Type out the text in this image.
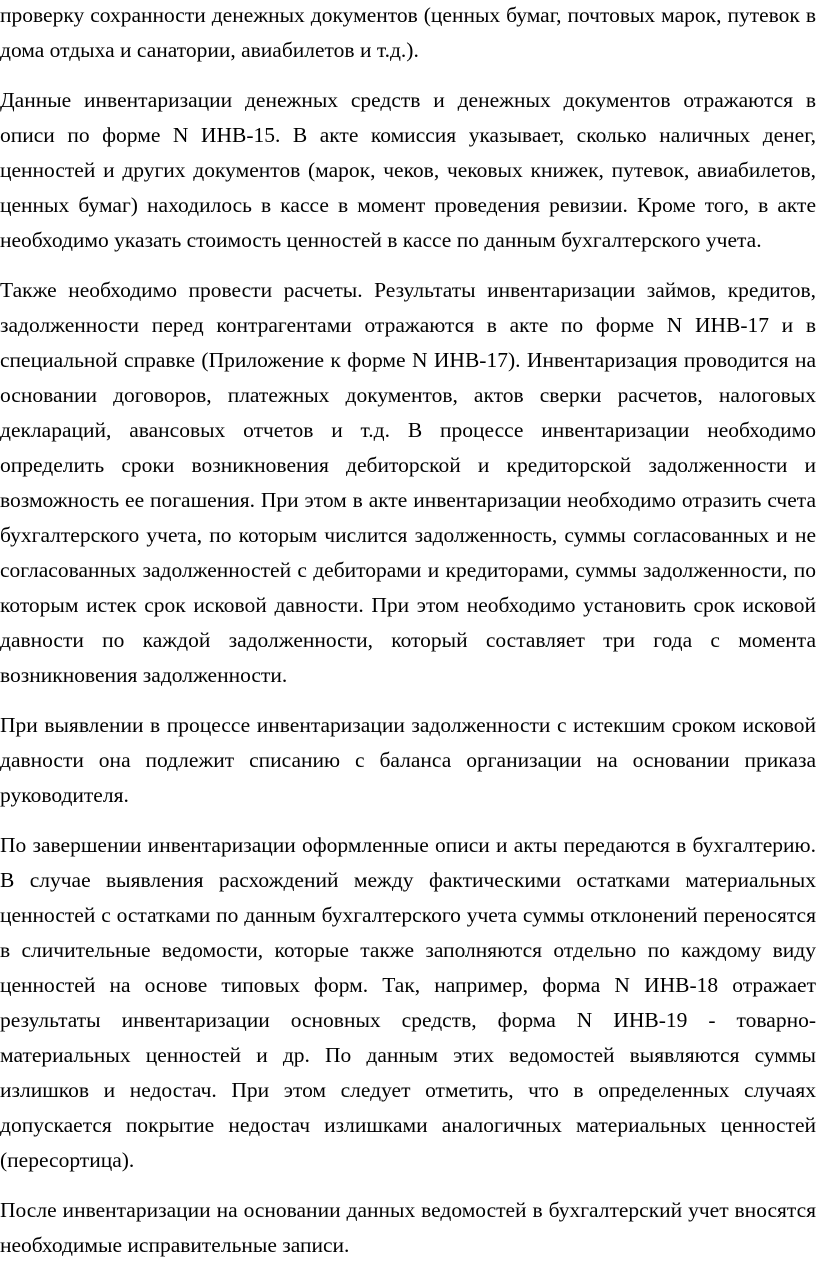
проверку сохранности денежных документов (ценных бумаг, почтовых марок, путевок в дома отдыха и санатории, авиабилетов и т.д.).

Данные инвентаризации денежных средств и денежных документов отражаются в описи по форме N ИНВ-15. В акте комиссия указывает, сколько наличных денег, ценностей и других документов (марок, чеков, чековых книжек, путевок, авиабилетов, ценных бумаг) находилось в кассе в момент проведения ревизии. Кроме того, в акте необходимо указать стоимость ценностей в кассе по данным бухгалтерского учета.

Также необходимо провести расчеты. Результаты инвентаризации займов, кредитов, задолженности перед контрагентами отражаются в акте по форме N ИНВ-17 и в специальной справке (Приложение к форме N ИНВ-17). Инвентаризация проводится на основании договоров, платежных документов, актов сверки расчетов, налоговых деклараций, авансовых отчетов и т.д. В процессе инвентаризации необходимо определить сроки возникновения дебиторской и кредиторской задолженности и возможность ее погашения. При этом в акте инвентаризации необходимо отразить счета бухгалтерского учета, по которым числится задолженность, суммы согласованных и не согласованных задолженностей с дебиторами и кредиторами, суммы задолженности, по которым истек срок исковой давности. При этом необходимо установить срок исковой давности по каждой задолженности, который составляет три года с момента возникновения задолженности.

При выявлении в процессе инвентаризации задолженности с истекшим сроком исковой давности она подлежит списанию с баланса организации на основании приказа руководителя.

По завершении инвентаризации оформленные описи и акты передаются в бухгалтерию. В случае выявления расхождений между фактическими остатками материальных ценностей с остатками по данным бухгалтерского учета суммы отклонений переносятся в сличительные ведомости, которые также заполняются отдельно по каждому виду ценностей на основе типовых форм. Так, например, форма N ИНВ-18 отражает результаты инвентаризации основных средств, форма N ИНВ-19 - товарно-материальных ценностей и др. По данным этих ведомостей выявляются суммы излишков и недостач. При этом следует отметить, что в определенных случаях допускается покрытие недостач излишками аналогичных материальных ценностей (пересортица).

После инвентаризации на основании данных ведомостей в бухгалтерский учет вносятся необходимые исправительные записи.
